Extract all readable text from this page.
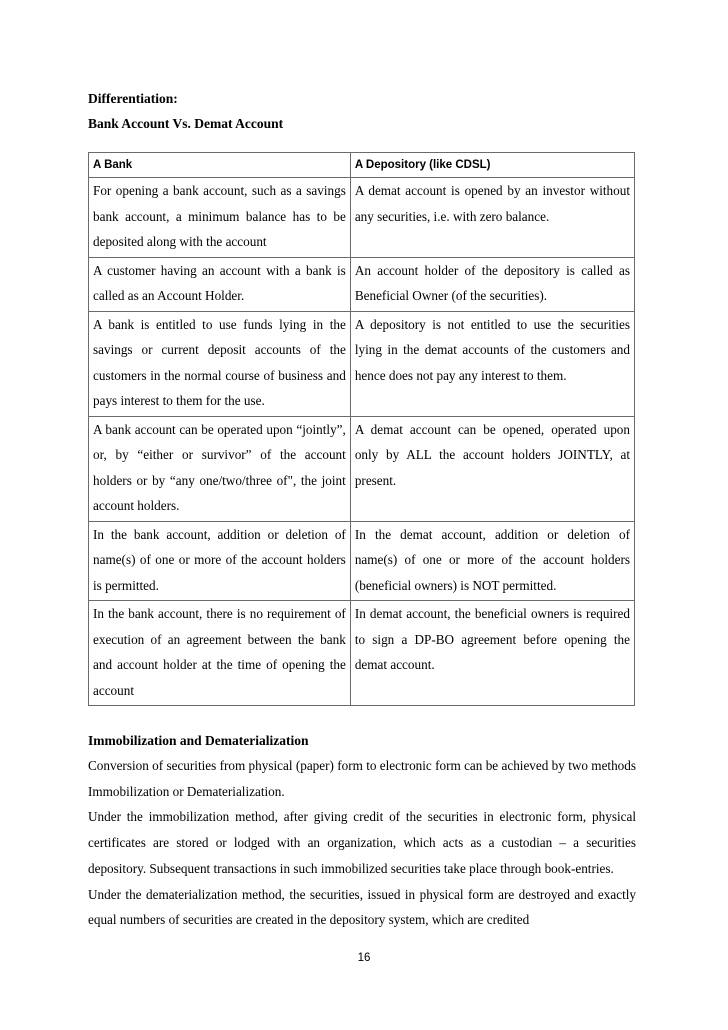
Differentiation:

Bank Account Vs. Demat Account

A Bank	A Depository (like CDSL)
For opening a bank account, such as a savings bank account, a minimum balance has to be deposited along with the account	A demat account is opened by an investor without any securities, i.e. with zero balance.
A customer having an account with a bank is called as an Account Holder.	An account holder of the depository is called as Beneficial Owner (of the securities).
A bank is entitled to use funds lying in the savings or current deposit accounts of the customers in the normal course of business and pays interest to them for the use.	A depository is not entitled to use the securities lying in the demat accounts of the customers and hence does not pay any interest to them.
A bank account can be operated upon “jointly”, or, by “either or survivor” of the account holders or by “any one/two/three of", the joint account holders.	A demat account can be opened, operated upon only by ALL the account holders JOINTLY, at present.
In the bank account, addition or deletion of name(s) of one or more of the account holders is permitted.	In the demat account, addition or deletion of name(s) of one or more of the account holders (beneficial owners) is NOT permitted.
In the bank account, there is no requirement of execution of an agreement between the bank and account holder at the time of opening the account	In demat account, the beneficial owners is required to sign a DP-BO agreement before opening the demat account.
Immobilization and Dematerialization

Conversion of securities from physical (paper) form to electronic form can be achieved by two methods Immobilization or Dematerialization.

Under the immobilization method, after giving credit of the securities in electronic form, physical certificates are stored or lodged with an organization, which acts as a custodian – a securities depository. Subsequent transactions in such immobilized securities take place through book-entries.

Under the dematerialization method, the securities, issued in physical form are destroyed and exactly equal numbers of securities are created in the depository system, which are credited

16
